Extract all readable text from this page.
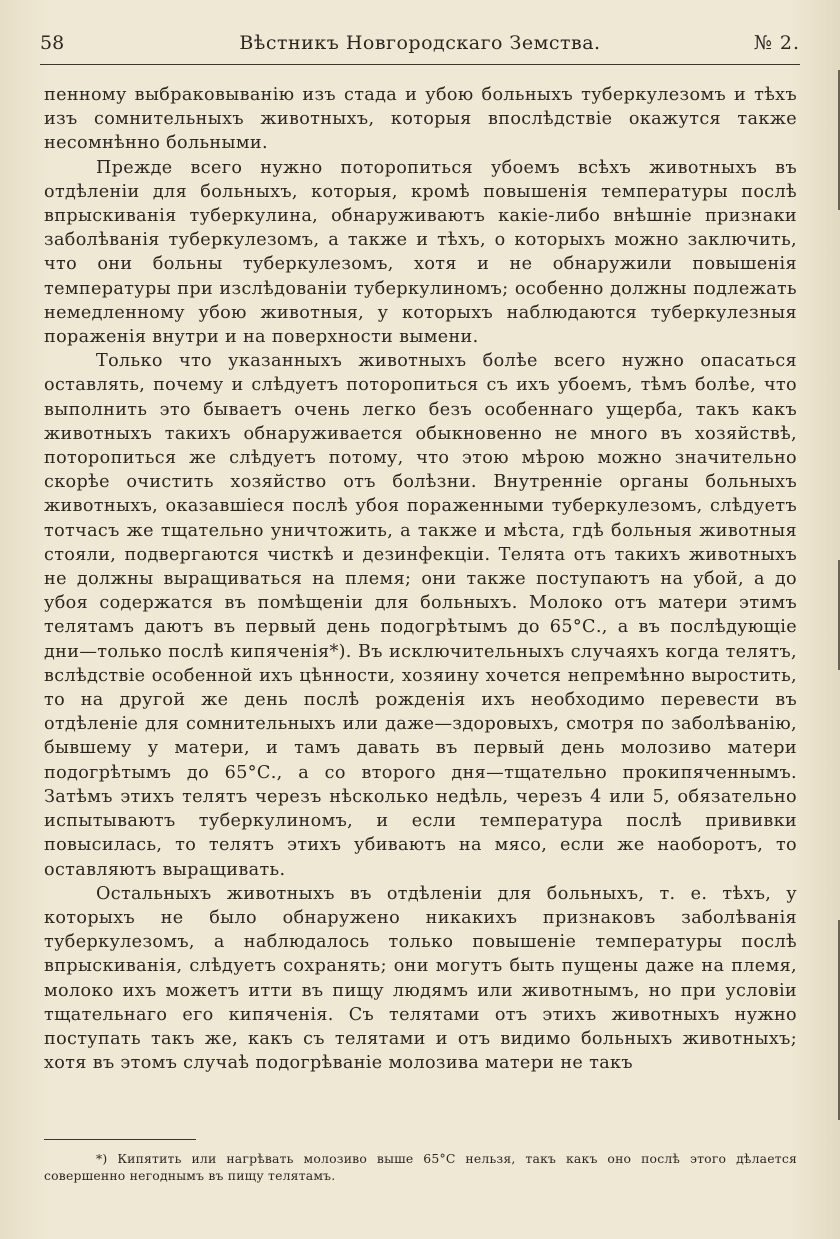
58	Вѣстникъ Новгородскаго Земства.	№ 2.

пенному выбраковыванію изъ стада и убою больныхъ туберкулезомъ и тѣхъ изъ сомнительныхъ животныхъ, которыя впослѣдствіе окажутся также несомнѣнно больными.

Прежде всего нужно поторопиться убоемъ всѣхъ животныхъ въ отдѣленіи для больныхъ, которыя, кромѣ повышенія температуры послѣ впрыскиванія туберкулина, обнаруживаютъ какіе-либо внѣшніе признаки заболѣванія туберкулезомъ, а также и тѣхъ, о которыхъ можно заключить, что они больны туберкулезомъ, хотя и не обнаружили повышенія температуры при изслѣдованіи туберкулиномъ; особенно должны подлежать немедленному убою животныя, у которыхъ наблюдаются туберкулезныя пораженія внутри и на поверхности вымени.

Только что указанныхъ животныхъ болѣе всего нужно опасаться оставлять, почему и слѣдуетъ поторопиться съ ихъ убоемъ, тѣмъ болѣе, что выполнить это бываетъ очень легко безъ особеннаго ущерба, такъ какъ животныхъ такихъ обнаруживается обыкновенно не много въ хозяйствѣ, поторопиться же слѣдуетъ потому, что этою мѣрою можно значительно скорѣе очистить хозяйство отъ болѣзни. Внутренніе органы больныхъ животныхъ, оказавшіеся послѣ убоя пораженными туберкулезомъ, слѣдуетъ тотчасъ же тщательно уничтожить, а также и мѣста, гдѣ больныя животныя стояли, подвергаются чисткѣ и дезинфекціи. Телята отъ такихъ животныхъ не должны выращиваться на племя; они также поступаютъ на убой, а до убоя содержатся въ помѣщеніи для больныхъ. Молоко отъ матери этимъ телятамъ даютъ въ первый день подогрѣтымъ до 65°С., а въ послѣдующіе дни—только послѣ кипяченія*). Въ исключительныхъ случаяхъ когда телятъ, вслѣдствіе особенной ихъ цѣнности, хозяину хочется непремѣнно выростить, то на другой же день послѣ рожденія ихъ необходимо перевести въ отдѣленіе для сомнительныхъ или даже—здоровыхъ, смотря по заболѣванію, бывшему у матери, и тамъ давать въ первый день молозиво матери подогрѣтымъ до 65°С., а со второго дня—тщательно прокипяченнымъ. Затѣмъ этихъ телятъ черезъ нѣсколько недѣль, черезъ 4 или 5, обязательно испытываютъ туберкулиномъ, и если температура послѣ прививки повысилась, то телятъ этихъ убиваютъ на мясо, если же наоборотъ, то оставляютъ выращивать.

Остальныхъ животныхъ въ отдѣленіи для больныхъ, т. е. тѣхъ, у которыхъ не было обнаружено никакихъ признаковъ заболѣванія туберкулезомъ, а наблюдалось только повышеніе температуры послѣ впрыскиванія, слѣдуетъ сохранять; они могутъ быть пущены даже на племя, молоко ихъ можетъ итти въ пищу людямъ или животнымъ, но при условіи тщательнаго его кипяченія. Съ телятами отъ этихъ животныхъ нужно поступать такъ же, какъ съ телятами и отъ видимо больныхъ животныхъ; хотя въ этомъ случаѣ подогрѣваніе молозива матери не такъ

*) Кипятить или нагрѣвать молозиво выше 65°С нельзя, такъ какъ оно послѣ этого дѣлается совершенно негоднымъ въ пищу телятамъ.
